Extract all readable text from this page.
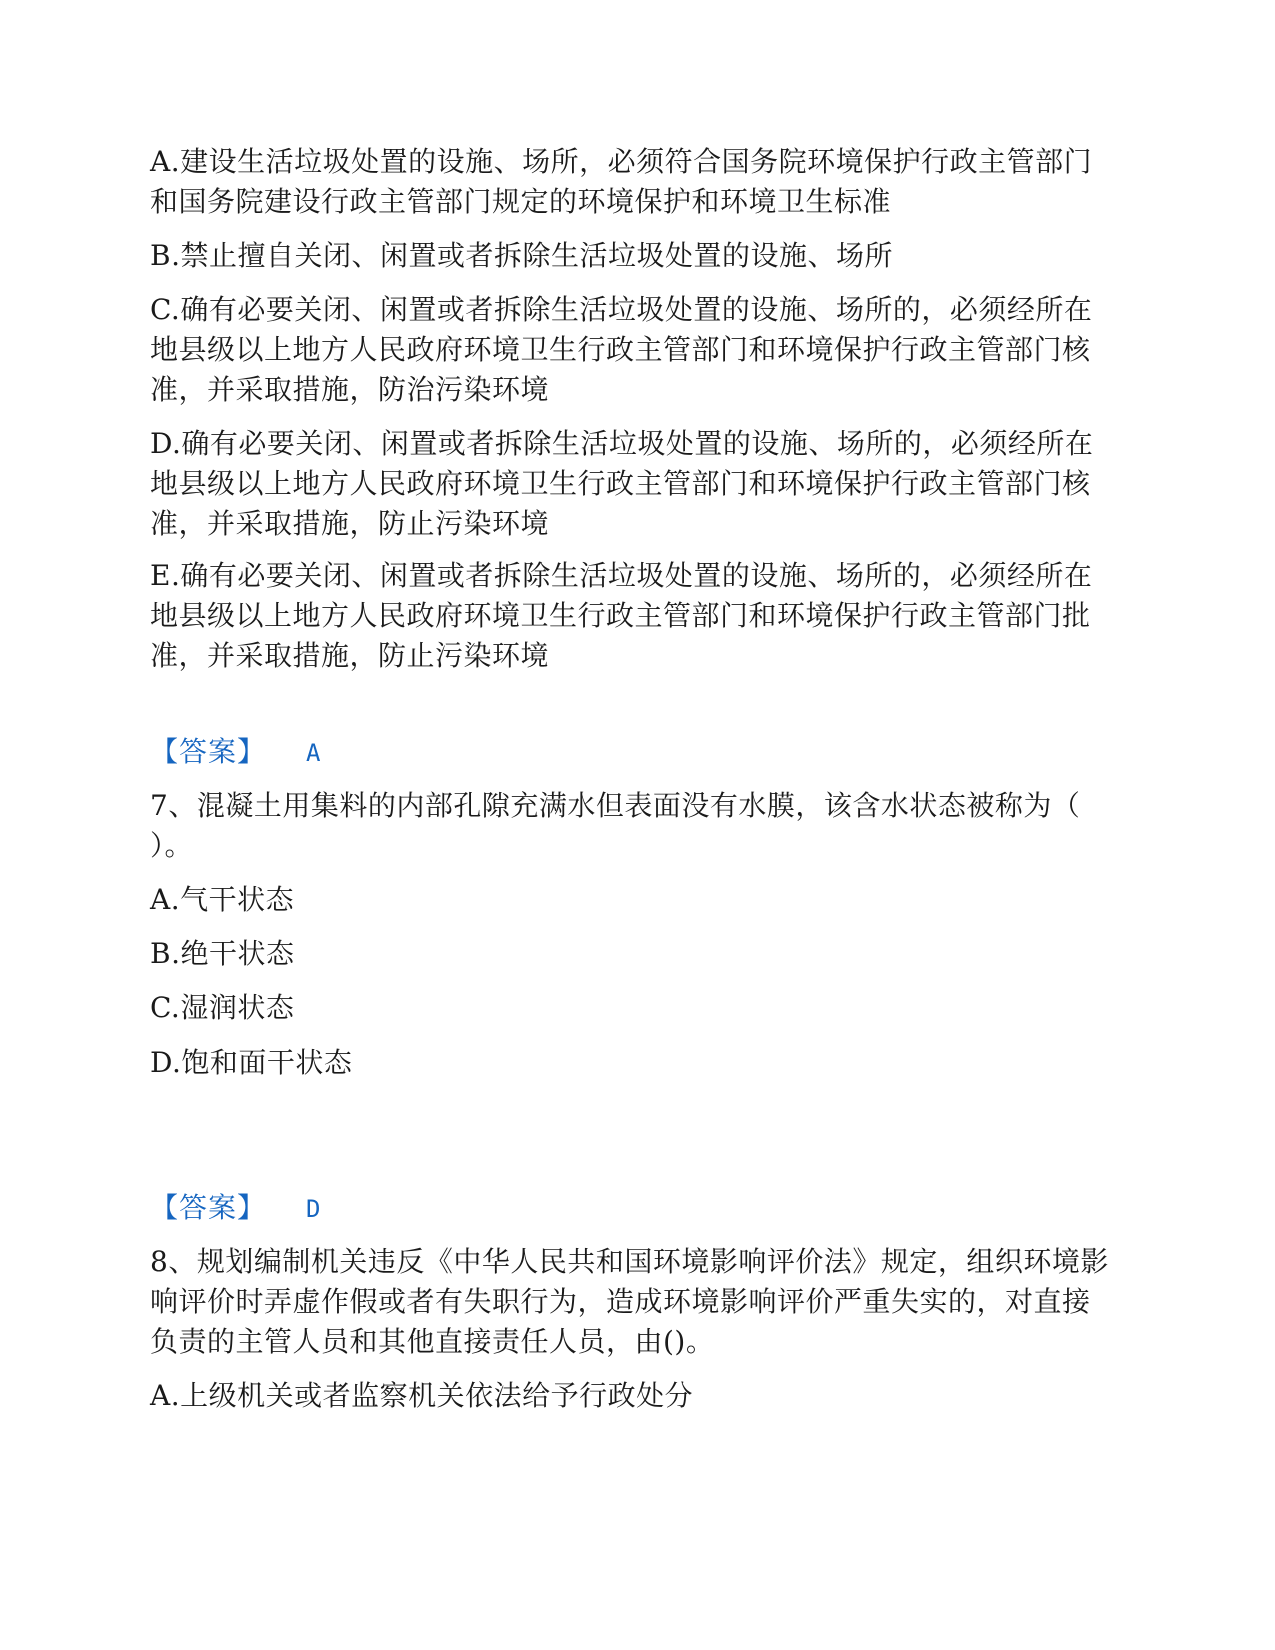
A.建设生活垃圾处置的设施、场所，必须符合国务院环境保护行政主管部门和国务院建设行政主管部门规定的环境保护和环境卫生标准

B.禁止擅自关闭、闲置或者拆除生活垃圾处置的设施、场所

C.确有必要关闭、闲置或者拆除生活垃圾处置的设施、场所的，必须经所在地县级以上地方人民政府环境卫生行政主管部门和环境保护行政主管部门核准，并采取措施，防治污染环境

D.确有必要关闭、闲置或者拆除生活垃圾处置的设施、场所的，必须经所在地县级以上地方人民政府环境卫生行政主管部门和环境保护行政主管部门核准，并采取措施，防止污染环境

E.确有必要关闭、闲置或者拆除生活垃圾处置的设施、场所的，必须经所在地县级以上地方人民政府环境卫生行政主管部门和环境保护行政主管部门批准，并采取措施，防止污染环境

【答案】 A

7、混凝土用集料的内部孔隙充满水但表面没有水膜，该含水状态被称为（ ）。

A.气干状态

B.绝干状态

C.湿润状态

D.饱和面干状态

【答案】 D

8、规划编制机关违反《中华人民共和国环境影响评价法》规定，组织环境影响评价时弄虚作假或者有失职行为，造成环境影响评价严重失实的，对直接负责的主管人员和其他直接责任人员，由()。

A.上级机关或者监察机关依法给予行政处分
